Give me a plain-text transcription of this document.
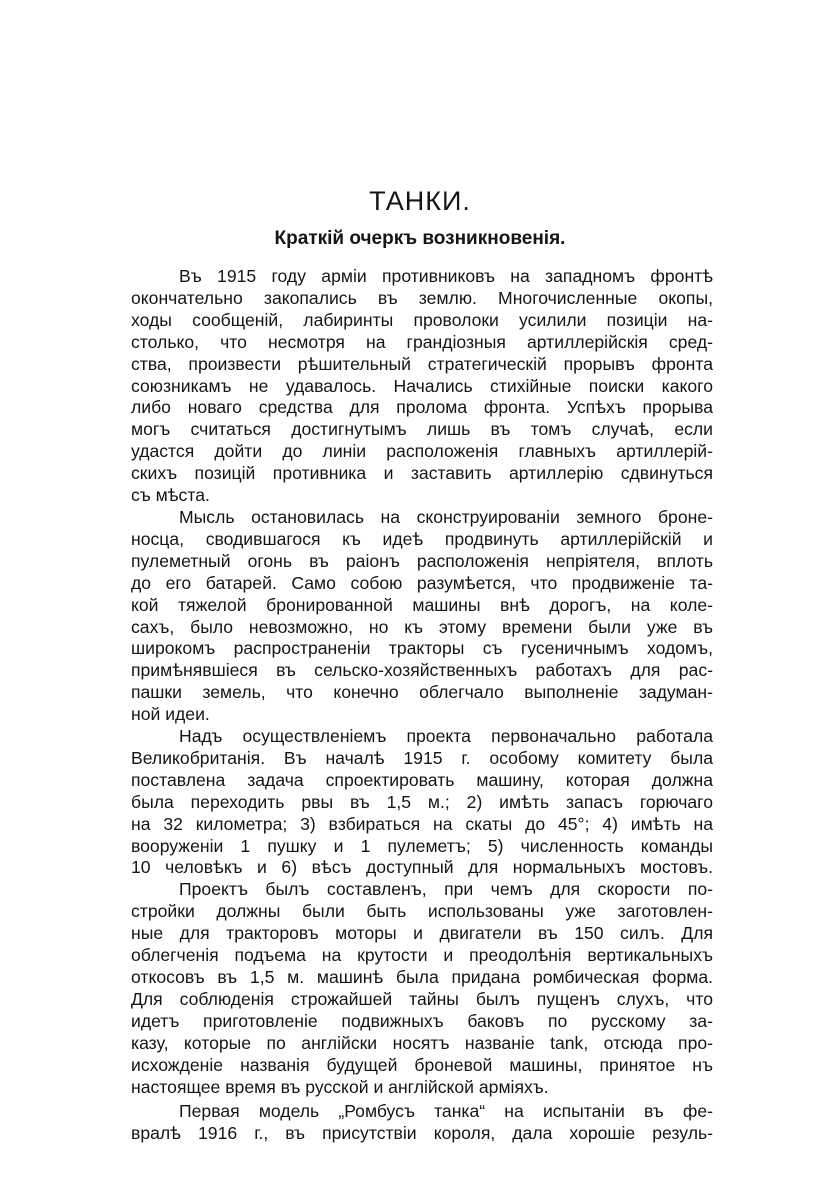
ТАНКИ.
Краткій очеркъ возникновенія.

Въ 1915 году арміи противниковъ на западномъ фронтѣ
окончательно закопались въ землю. Многочисленные окопы,
ходы сообщеній, лабиринты проволоки усилили позиціи на-
столько, что несмотря на грандіозныя артиллерійскія сред-
ства, произвести рѣшительный стратегическій прорывъ фронта
союзникамъ не удавалось. Начались стихійные поиски какого
либо новаго средства для пролома фронта. Успѣхъ прорыва
могъ считаться достигнутымъ лишь въ томъ случаѣ, если
удастся дойти до линіи расположенія главныхъ артиллерій-
скихъ позицій противника и заставить артиллерію сдвинуться
съ мѣста.

Мысль остановилась на сконструированіи земного броне-
носца, сводившагося къ идеѣ продвинуть артиллерійскій и
пулеметный огонь въ раіонъ расположенія непріятеля, вплоть
до его батарей. Само собою разумѣется, что продвиженіе та-
кой тяжелой бронированной машины внѣ дорогъ, на коле-
сахъ, было невозможно, но къ этому времени были уже въ
широкомъ распространеніи тракторы съ гусеничнымъ ходомъ,
примѣнявшіеся въ сельско-хозяйственныхъ работахъ для рас-
пашки земель, что конечно облегчало выполненіе задуман-
ной идеи.

Надъ осуществленіемъ проекта первоначально работала
Великобританія. Въ началѣ 1915 г. особому комитету была
поставлена задача спроектировать машину, которая должна
была переходить рвы въ 1,5 м.; 2) имѣть запасъ горючаго
на 32 километра; 3) взбираться на скаты до 45°; 4) имѣть на
вооруженіи 1 пушку и 1 пулеметъ; 5) численность команды
10 человѣкъ и 6) вѣсъ доступный для нормальныхъ мостовъ.

Проектъ былъ составленъ, при чемъ для скорости по-
стройки должны были быть использованы уже заготовлен-
ные для тракторовъ моторы и двигатели въ 150 силъ. Для
облегченія подъема на крутости и преодолѣнія вертикальныхъ
откосовъ въ 1,5 м. машинѣ была придана ромбическая форма.
Для соблюденія строжайшей тайны былъ пущенъ слухъ, что
идетъ приготовленіе подвижныхъ баковъ по русскому за-
казу, которые по англійски носятъ названіе tank, отсюда про-
исхожденіе названія будущей броневой машины, принятое нъ
настоящее время въ русской и англійской арміяхъ.

Первая модель „Ромбусъ танка“ на испытаніи въ фе-
вралѣ 1916 г., въ присутствіи короля, дала хорошіе резуль-
